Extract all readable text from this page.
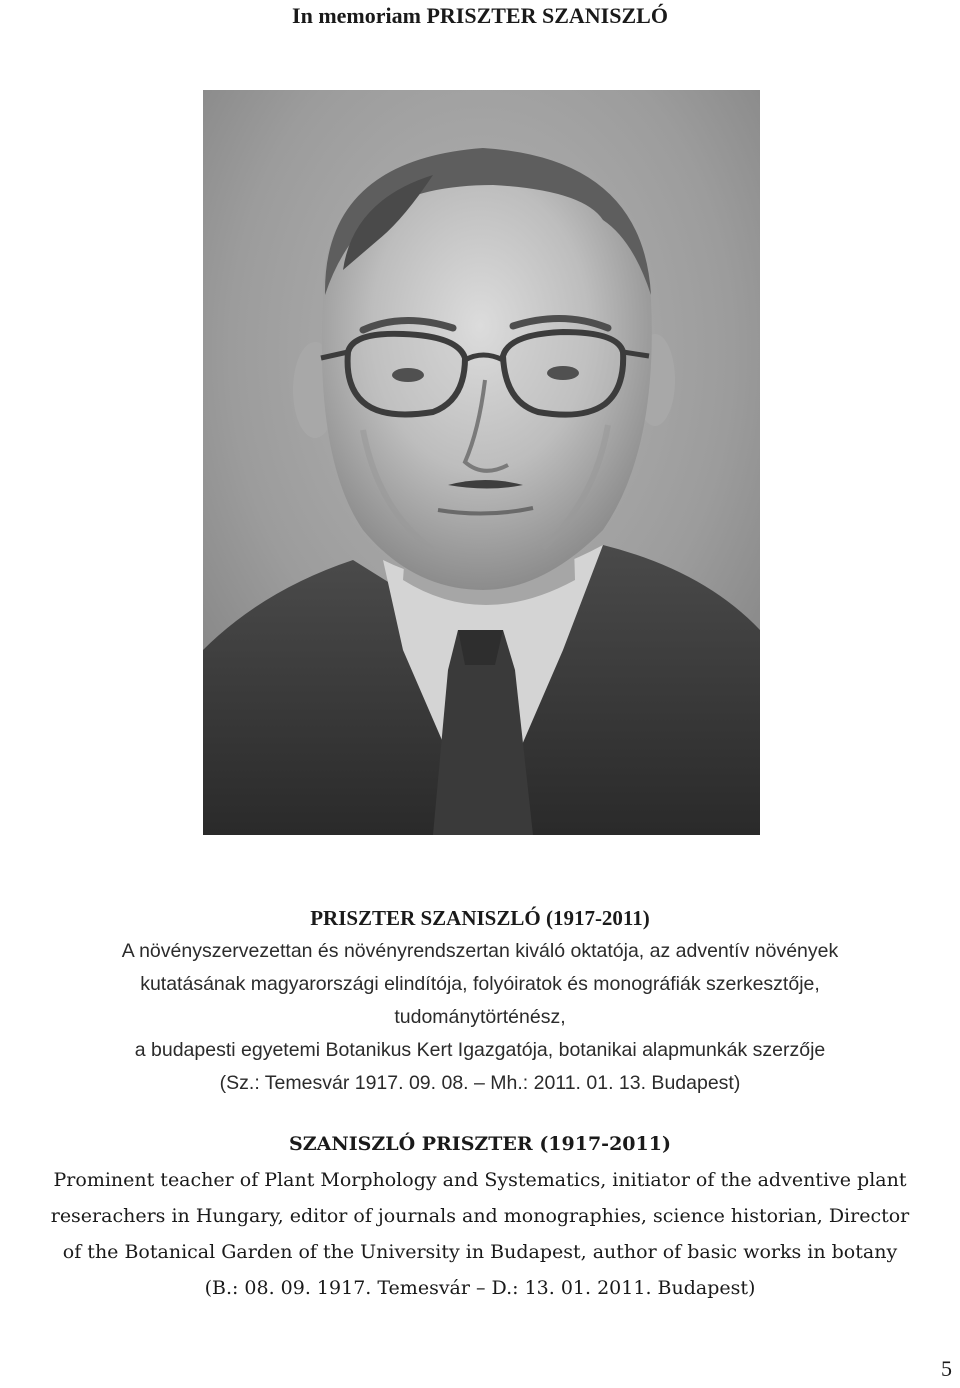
In memoriam PRISZTER SZANISZLÓ
PRISZTER SZANISZLÓ (1917-2011)
A növényszervezettan és növényrendszertan kiváló oktatója, az adventív növények
kutatásának magyarországi elindítója, folyóiratok és monográfiák szerkesztője,
tudománytörténész,
a budapesti egyetemi Botanikus Kert Igazgatója, botanikai alapmunkák szerzője
(Sz.: Temesvár 1917. 09. 08. – Mh.: 2011. 01. 13. Budapest)
SZANISZLÓ PRISZTER (1917-2011)
Prominent teacher of Plant Morphology and Systematics, initiator of the adventive plant
reserachers in Hungary, editor of journals and monographies, science historian, Director
of the Botanical Garden of the University in Budapest, author of basic works in botany
(B.: 08. 09. 1917. Temesvár – D.: 13. 01. 2011. Budapest)
5
